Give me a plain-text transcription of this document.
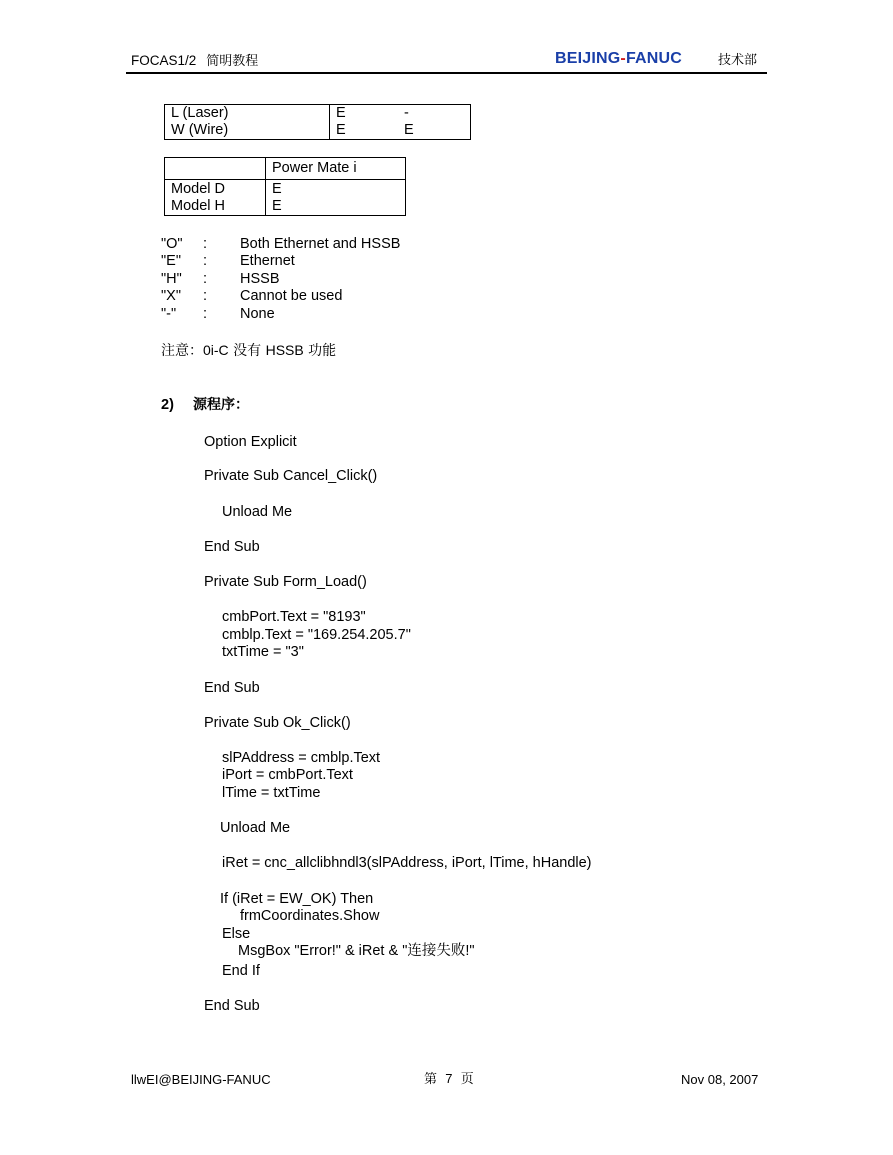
FOCAS1/2 简明教程	BEIJING-FANUC	技术部
L (Laser)	E	-
W (Wire)	E	E
	Power Mate i
Model D	E
Model H	E
"O" : Both Ethernet and HSSB
"E" : Ethernet
"H" : HSSB
"X" : Cannot be used
"-" : None
注意：0i-C 没有 HSSB 功能
2) 源程序：
Option Explicit
Private Sub Cancel_Click()
Unload Me
End Sub
Private Sub Form_Load()
cmbPort.Text = "8193"
cmblp.Text = "169.254.205.7"
txtTime = "3"
End Sub
Private Sub Ok_Click()
slPAddress = cmblp.Text
iPort = cmbPort.Text
lTime = txtTime
Unload Me
iRet = cnc_allclibhndl3(slPAddress, iPort, lTime, hHandle)
If (iRet = EW_OK) Then
frmCoordinates.Show
Else
MsgBox "Error!" & iRet & "连接失败!"
End If
End Sub
llwEI@BEIJING-FANUC	第 7 页	Nov 08, 2007
